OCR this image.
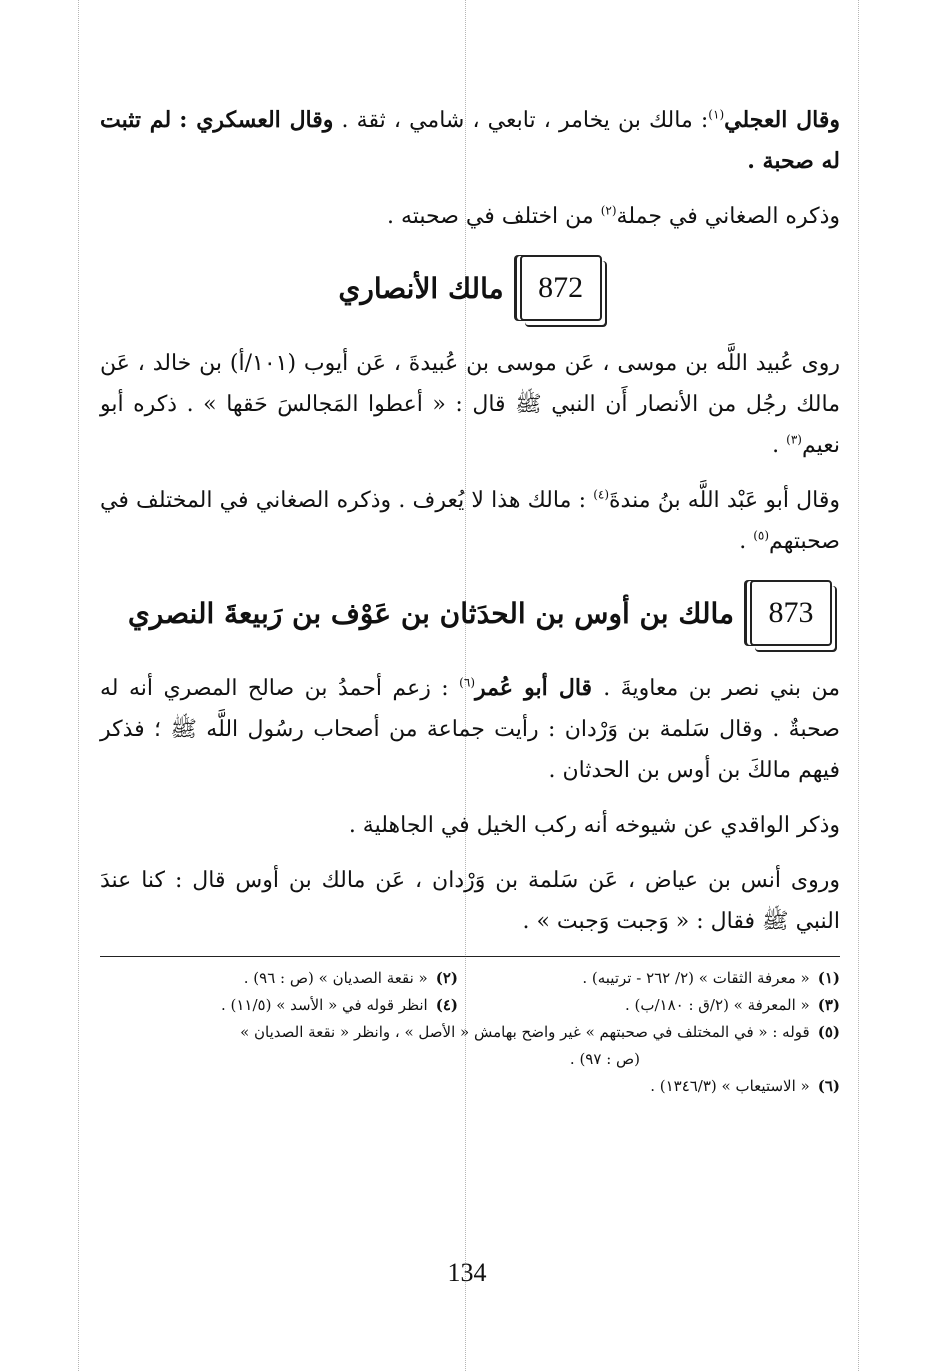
وقال العجلي$^{(١)}$: مالك بن يخامر ، تابعي ، شامي ، ثقة . وقال العسكري : لم تثبت له صحبة .

وذكره الصغاني في جملة$^{(٢)}$ من اختلف في صحبته .

872
مالك الأنصاري

روى عُبيد اللَّه بن موسى ، عَن موسى بن عُبيدةَ ، عَن أيوب (١٠١/أ) بن خالد ، عَن مالك رجُل من الأنصار أَن النبي ﷺ قال : « أعطوا المَجالسَ حَقها » . ذكره أبو نعيم$^{(٣)}$ .

وقال أبو عَبْد اللَّه بنُ مندةَ$^{(٤)}$ : مالك هذا لا يُعرف . وذكره الصغاني في المختلف في صحبتهم$^{(٥)}$ .

873
مالك بن أوس بن الحدَثان بن عَوْف بن رَبيعةَ النصري

من بني نصر بن معاويةَ . قال أبو عُمر$^{(٦)}$ : زعم أحمدُ بن صالح المصري أنه له صحبةٌ . وقال سَلمة بن وَرْدان : رأيت جماعة من أصحاب رسُول اللَّه ﷺ ؛ فذكر فيهم مالكَ بن أوس بن الحدثان .

وذكر الواقدي عن شيوخه أنه ركب الخيل في الجاهلية .

وروى أنس بن عياض ، عَن سَلمة بن وَرْدان ، عَن مالك بن أوس قال : كنا عندَ النبي ﷺ فقال : « وَجبت وَجبت » .

(١)« معرفة الثقات » (٢/ ٢٦٢ - ترتيبه) .
(٢)« نقعة الصديان » (ص : ٩٦) .
(٣)« المعرفة » (٢/ق : ١٨٠/ب) .
(٤)انظر قوله في « الأسد » (١١/٥) .
(٥)قوله : « في المختلف في صحبتهم » غير واضح بهامش « الأصل » ، وانظر « نقعة الصديان »
(ص : ٩٧) .
(٦)« الاستيعاب » (١٣٤٦/٣) .
134
